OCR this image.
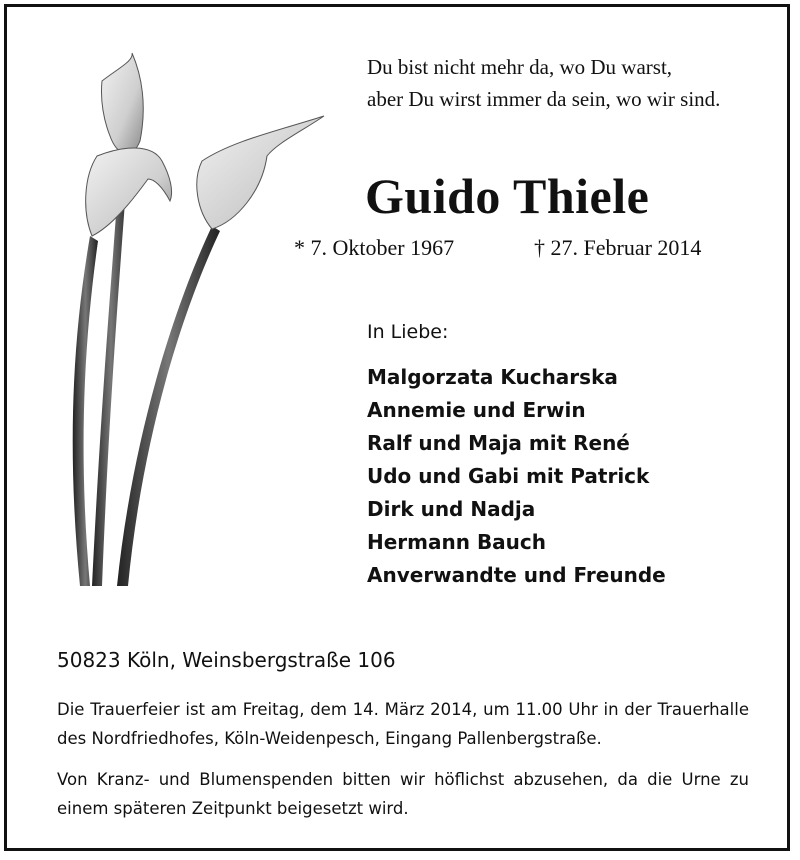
Du bist nicht mehr da, wo Du warst,
aber Du wirst immer da sein, wo wir sind.
Guido Thiele
* 7. Oktober 1967	† 27. Februar 2014
In Liebe:
Malgorzata Kucharska
Annemie und Erwin
Ralf und Maja mit René
Udo und Gabi mit Patrick
Dirk und Nadja
Hermann Bauch
Anverwandte und Freunde
50823 Köln, Weinsbergstraße 106

Die Trauerfeier ist am Freitag, dem 14. März 2014, um 11.00 Uhr in der Trauerhalle des Nordfriedhofes, Köln-Weidenpesch, Eingang Pallenbergstraße.

Von Kranz- und Blumenspenden bitten wir höflichst abzusehen, da die Urne zu einem späteren Zeitpunkt beigesetzt wird.
